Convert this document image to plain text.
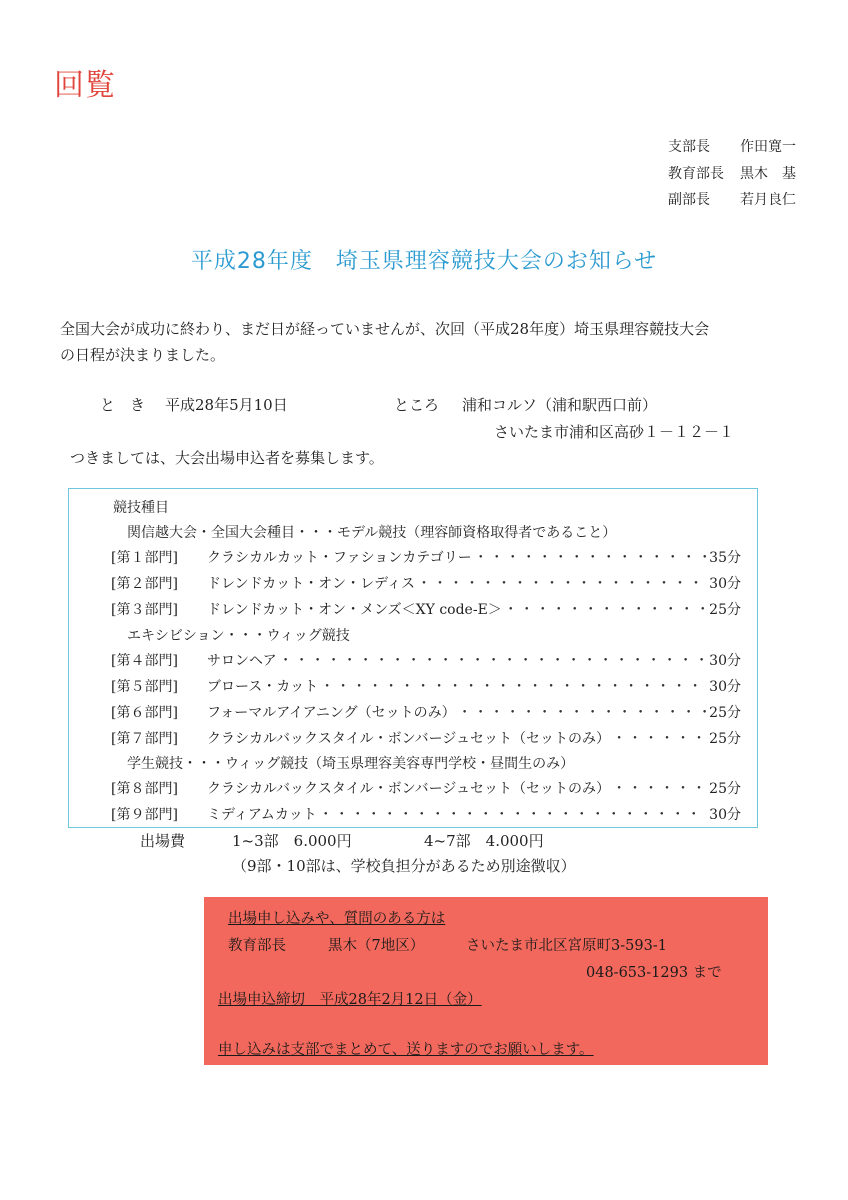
回覧
支部長 作田寛一
教育部長 黒木　基
副部長 若月良仁
平成28年度　埼玉県理容競技大会のお知らせ
全国大会が成功に終わり、まだ日が経っていませんが、次回（平成28年度）埼玉県理容競技大会
の日程が決まりました。
と　き 平成28年5月10日	ところ 浦和コルソ（浦和駅西口前）
さいたま市浦和区高砂１－１２－１
つきましては、大会出場申込者を募集します。
競技種目
関信越大会・全国大会種目・・・モデル競技（理容師資格取得者であること）
[第１部門]	クラシカルカット・ファションカテゴリー ・・・・・・・・・・・・・・・・・・・・・・・・・・・・・・・・・・・・・・・・	35分
[第２部門]	ドレンドカット・オン・レディス ・・・・・・・・・・・・・・・・・・・・・・・・・・・・・・・・・・・・・・・・	30分
[第３部門]	ドレンドカット・オン・メンズ＜XY code-E＞ ・・・・・・・・・・・・・・・・・・・・・・・・・・・・・・・・・・・・・・・・	25分
エキシビション・・・ウィッグ競技
[第４部門]	サロンヘア ・・・・・・・・・・・・・・・・・・・・・・・・・・・・・・・・・・・・・・・・	30分
[第５部門]	ブロース・カット ・・・・・・・・・・・・・・・・・・・・・・・・・・・・・・・・・・・・・・・・	30分
[第６部門]	フォーマルアイアニング（セットのみ） ・・・・・・・・・・・・・・・・・・・・・・・・・・・・・・・・・・・・・・・・	25分
[第７部門]	クラシカルバックスタイル・ボンバージュセット（セットのみ） ・・・・・・・・・・・・・・・・・・・・・・・・・・・・・・・・・・・・・・・・	25分
学生競技・・・ウィッグ競技（埼玉県理容美容専門学校・昼間生のみ）
[第８部門]	クラシカルバックスタイル・ボンバージュセット（セットのみ） ・・・・・・・・・・・・・・・・・・・・・・・・・・・・・・・・・・・・・・・・	25分
[第９部門]	ミディアムカット ・・・・・・・・・・・・・・・・・・・・・・・・・・・・・・・・・・・・・・・・	30分
出場費	1~3部　6.000円	4~7部　4.000円
（9部・10部は、学校負担分があるため別途徴収）
出場申し込みや、質問のある方は
教育部長	黒木（7地区）	さいたま市北区宮原町3-593-1
048-653-1293 まで
出場申込締切　平成28年2月12日（金）
申し込みは支部でまとめて、送りますのでお願いします。
